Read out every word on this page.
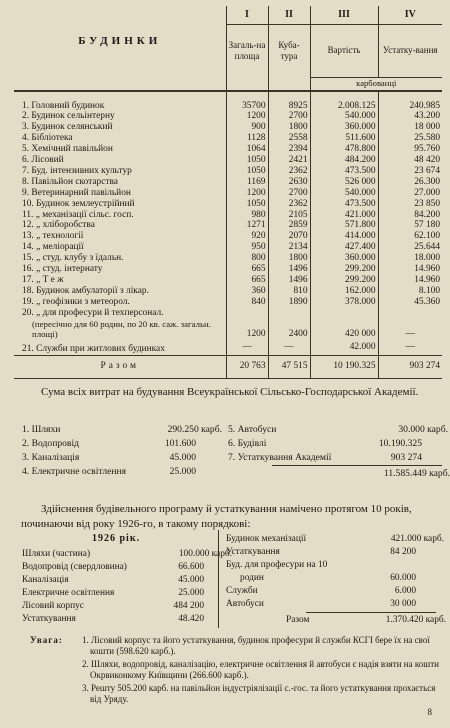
БУДИНКИ	I	II	III	IV
	Загаль-на площа	Куба-тура	Вартість	Устатку-вання
			карбованці	
1. Головний будинок	35700	8925	2.008.125	240.985
2. Будинок сельінтерну	1200	2700	540.000	43.200
3. Будинок селянський	900	1800	360.000	18 000
4. Бібліотека	1128	2558	511.600	25.580
5. Хемічний павільйон	1064	2394	478.800	95.760
6. Лісовий	1050	2421	484.200	48 420
7. Буд. інтензивних культур	1050	2362	473.500	23 674
8. Павільйон скотарства	1169	2630	526 000	26.300
9. Ветеринарний павільйон	1200	2700	540.000	27.000
10. Будинок землеустрійний	1050	2362	473.500	23 850
11. „ механізації сільс. госп.	980	2105	421.000	84.200
12. „ хліборобства	1271	2859	571.800	57 180
13. „ технології	920	2070	414.000	62.100
14. „ меліорації	950	2134	427.400	25.644
15. „ студ. клубу з їдальн.	800	1800	360.000	18.000
16. „ студ. інтернату	665	1496	299.200	14.960
17. „ Т е ж	665	1496	299.200	14.960
18. Будинок амбулаторії з лікар.	360	810	162.000	8.100
19. „ геофізики з метеорол.	840	1890	378.000	45.360
20. „ для професури й техперсонал.				
(пересічно для 60 родин, по 20 кв. саж. загальн. площі)	1200	2400	420 000	—
21. Служби при житлових будинках	—	—	42.000	—
Разом	20 763	47 515	10 190.325	903 274
Сума всіх витрат на будування Всеукраїнської Сільсько-Господарської Академії.
1. Шляхи	290.250 карб.
2. Водопровід	101.600
3. Каналізація	45.000
4. Електричне освітлення	25.000
5. Автобуси	30.000 карб.
6. Будівлі	10.190.325
7. Устаткування Академії	903 274
11.585.449 карб.
Здійснення будівельного програму й устаткування намічено протягом 10 років, починаючи від року 1926-го, в такому порядкові:
1926 рік.
Шляхи (частина)	100.000 карб.
Водопровід (свердловина)	66.600
Каналізація	45.000
Електричне освітлення	25.000
Лісовий корпус	484 200
Устаткування	48.420
Будинок механізації	421.000 карб.
Устаткування	84 200
Буд. для професури на 10
родин	60.000
Служби	6.000
Автобуси	30 000
Разом	1.370.420 карб.
Увага:	1. Лісовий корпус та його устаткування, будинок професури й служби КСГІ бере їх на свої кошти (598.620 карб.).
2. Шляхи, водопровід, каналізацію, електричне освітлення й автобуси є надія взяти на кошти Окрвиконкому Київщини (266.600 карб.).
3. Решту 505.200 карб. на павільйон індустріялізації с.-гос. та його устаткування прохається від Уряду.
8
